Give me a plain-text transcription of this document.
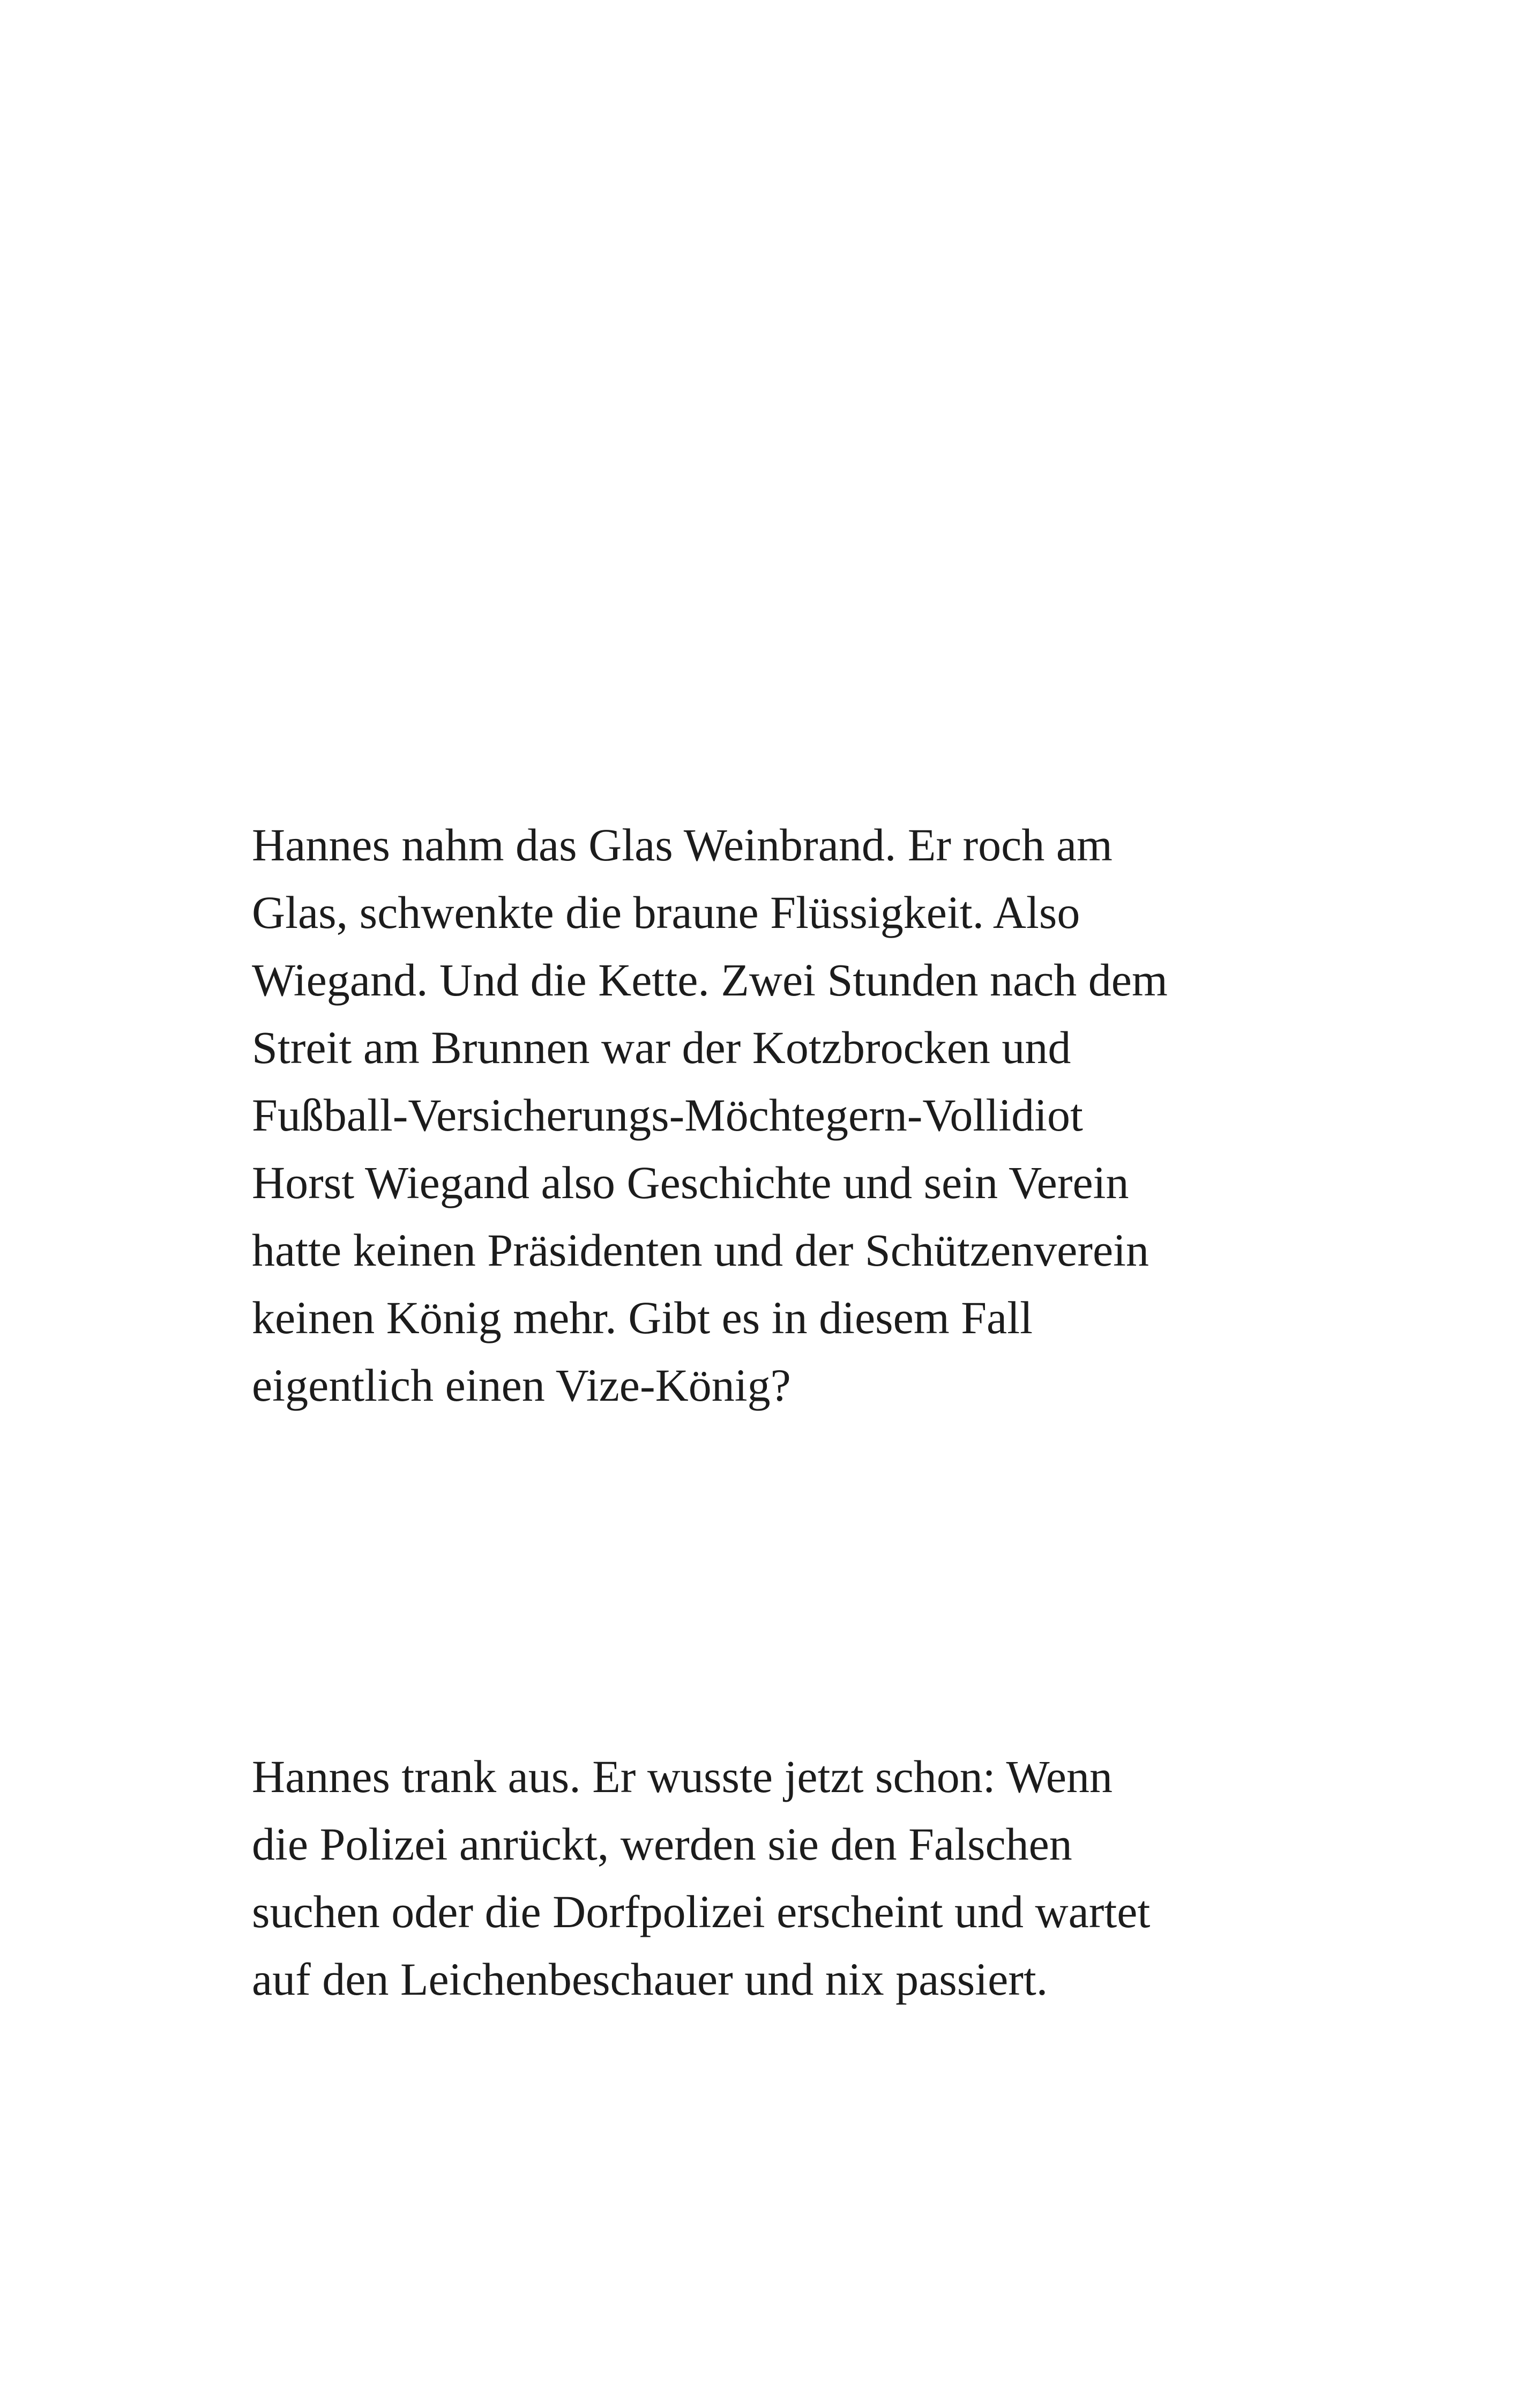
Hannes nahm das Glas Weinbrand. Er roch am
Glas, schwenkte die braune Flüssigkeit. Also
Wiegand. Und die Kette. Zwei Stunden nach dem
Streit am Brunnen war der Kotzbrocken und
Fußball-Versicherungs-Möchtegern-Vollidiot
Horst Wiegand also Geschichte und sein Verein
hatte keinen Präsidenten und der Schützenverein
keinen König mehr. Gibt es in diesem Fall
eigentlich einen Vize-König?

Hannes trank aus. Er wusste jetzt schon: Wenn
die Polizei anrückt, werden sie den Falschen
suchen oder die Dorfpolizei erscheint und wartet
auf den Leichenbeschauer und nix passiert.
